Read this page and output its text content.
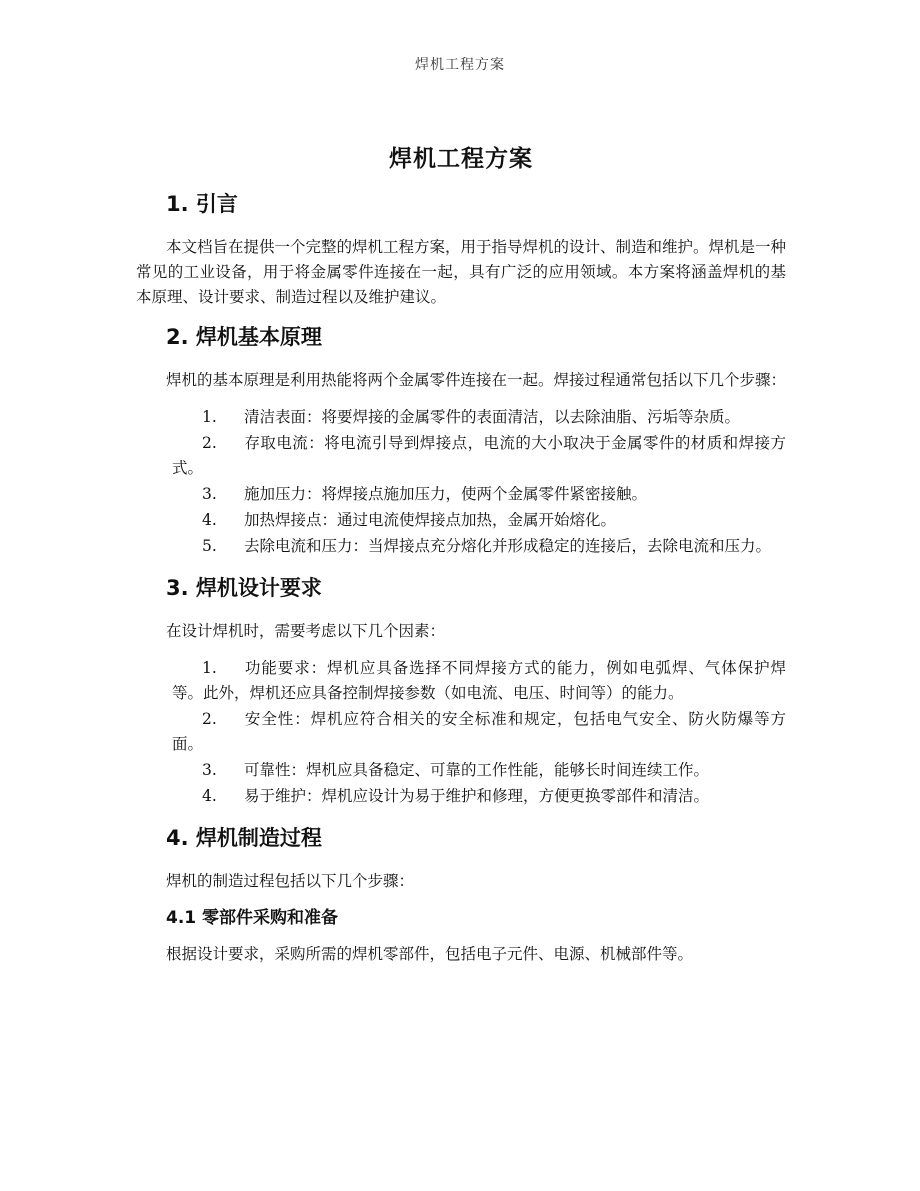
焊机工程方案
焊机工程方案
1. 引言

本文档旨在提供一个完整的焊机工程方案，用于指导焊机的设计、制造和维护。焊机是一种常见的工业设备，用于将金属零件连接在一起，具有广泛的应用领域。本方案将涵盖焊机的基本原理、设计要求、制造过程以及维护建议。

2. 焊机基本原理

焊机的基本原理是利用热能将两个金属零件连接在一起。焊接过程通常包括以下几个步骤：

1. 清洁表面：将要焊接的金属零件的表面清洁，以去除油脂、污垢等杂质。
2. 存取电流：将电流引导到焊接点，电流的大小取决于金属零件的材质和焊接方式。
3. 施加压力：将焊接点施加压力，使两个金属零件紧密接触。
4. 加热焊接点：通过电流使焊接点加热，金属开始熔化。
5. 去除电流和压力：当焊接点充分熔化并形成稳定的连接后，去除电流和压力。
3. 焊机设计要求

在设计焊机时，需要考虑以下几个因素：

1. 功能要求：焊机应具备选择不同焊接方式的能力，例如电弧焊、气体保护焊等。此外，焊机还应具备控制焊接参数（如电流、电压、时间等）的能力。
2. 安全性：焊机应符合相关的安全标准和规定，包括电气安全、防火防爆等方面。
3. 可靠性：焊机应具备稳定、可靠的工作性能，能够长时间连续工作。
4. 易于维护：焊机应设计为易于维护和修理，方便更换零部件和清洁。
4. 焊机制造过程

焊机的制造过程包括以下几个步骤：

4.1 零部件采购和准备

根据设计要求，采购所需的焊机零部件，包括电子元件、电源、机械部件等。
